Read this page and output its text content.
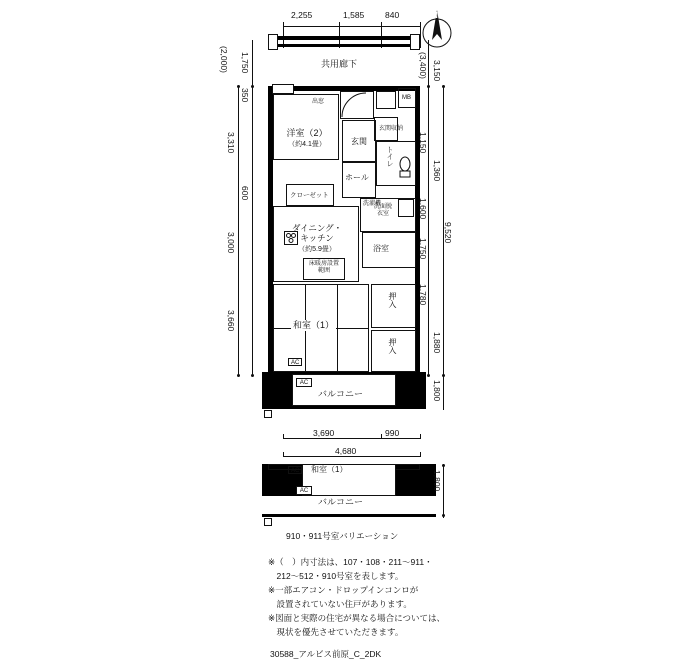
N
2,255	1,585 840
共用廊下
バルコニー
AC
AC
出窓
玄関収納
MB
洋室（2）
（約4.1畳）	玄関
ホール
トイレ
クローゼット
洗面脱衣室
洗濯機
浴室
ダイニング・キッチン
（約5.9畳）
床暖房設置範囲
和室（1）
押入
押入
(2,000) 1,750
350
3,310
600
3,000
3,660
(3,400) 3,150
1,150
1,360
1,600
1,750
1,780
1,880
1,800
9,520
3,690	990
4,680
和室（1）
AC
バルコニー
AC	1,800
910・911号室バリエーション
※（　）内寸法は、107・108・211〜911・
　212〜512・910号室を表します。
※一部エアコン・ドロップインコンロが
　設置されていない住戸があります。
※図面と実際の住宅が異なる場合については、
　現状を優先させていただきます。
30588_アルビス前原_C_2DK
